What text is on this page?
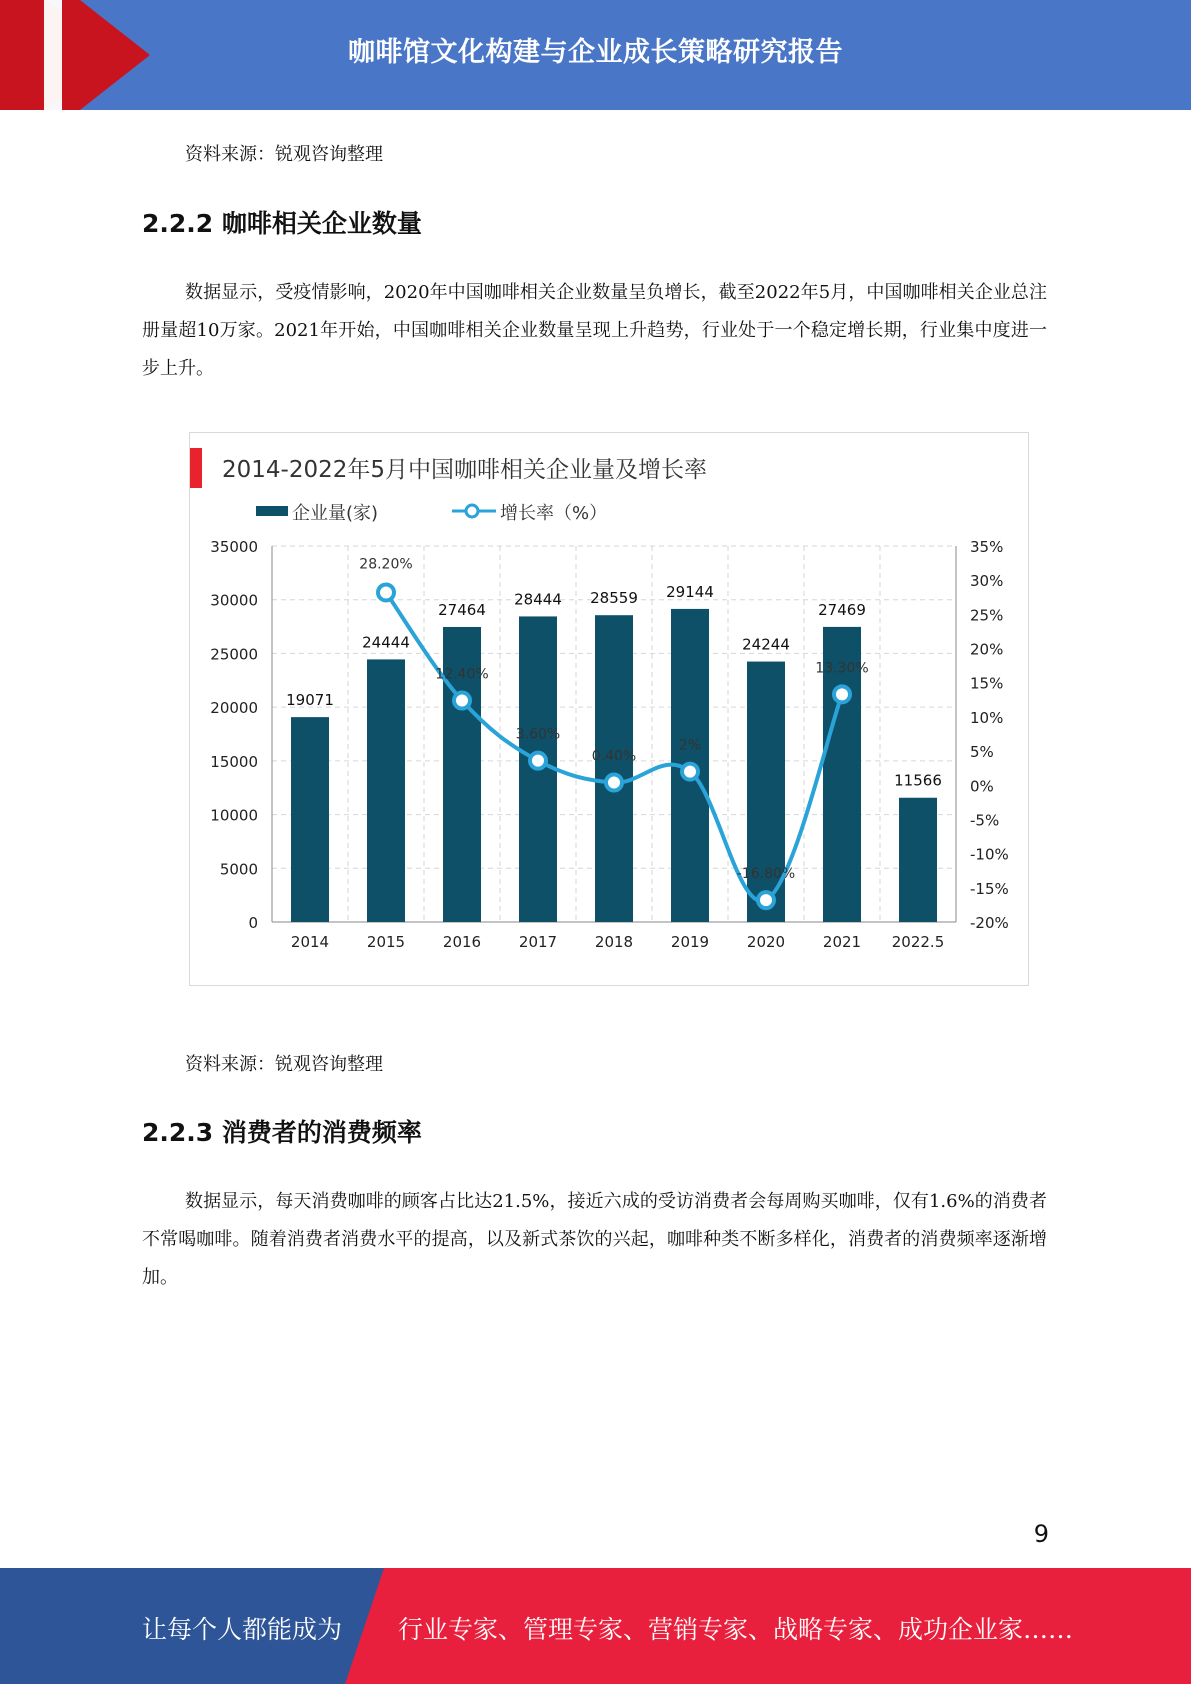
咖啡馆文化构建与企业成长策略研究报告
资料来源：锐观咨询整理
2.2.2 咖啡相关企业数量
数据显示，受疫情影响，2020年中国咖啡相关企业数量呈负增长，截至2022年5月，中国咖啡相关企业总注册量超10万家。2021年开始，中国咖啡相关企业数量呈现上升趋势，行业处于一个稳定增长期，行业集中度进一步上升。
2014-2022年5月中国咖啡相关企业量及增长率
企业量(家)	增长率（%）
0
5000
10000
15000
20000
25000
30000
35000
-20%
-15%
-10%
-5%
0%
5%
10%
15%
20%
25%
30%
35%
19071
2014
24444
2015
27464
2016
28444
2017
28559
2018
29144
2019
24244
2020
27469
2021
11566
2022.5
28.20%
12.40%
3.60%
0.40%
2%
-16.80%
13.30%
资料来源：锐观咨询整理
2.2.3 消费者的消费频率
数据显示，每天消费咖啡的顾客占比达21.5%，接近六成的受访消费者会每周购买咖啡，仅有1.6%的消费者不常喝咖啡。随着消费者消费水平的提高，以及新式茶饮的兴起，咖啡种类不断多样化，消费者的消费频率逐渐增加。
9
让每个人都能成为 行业专家、管理专家、营销专家、战略专家、成功企业家……
